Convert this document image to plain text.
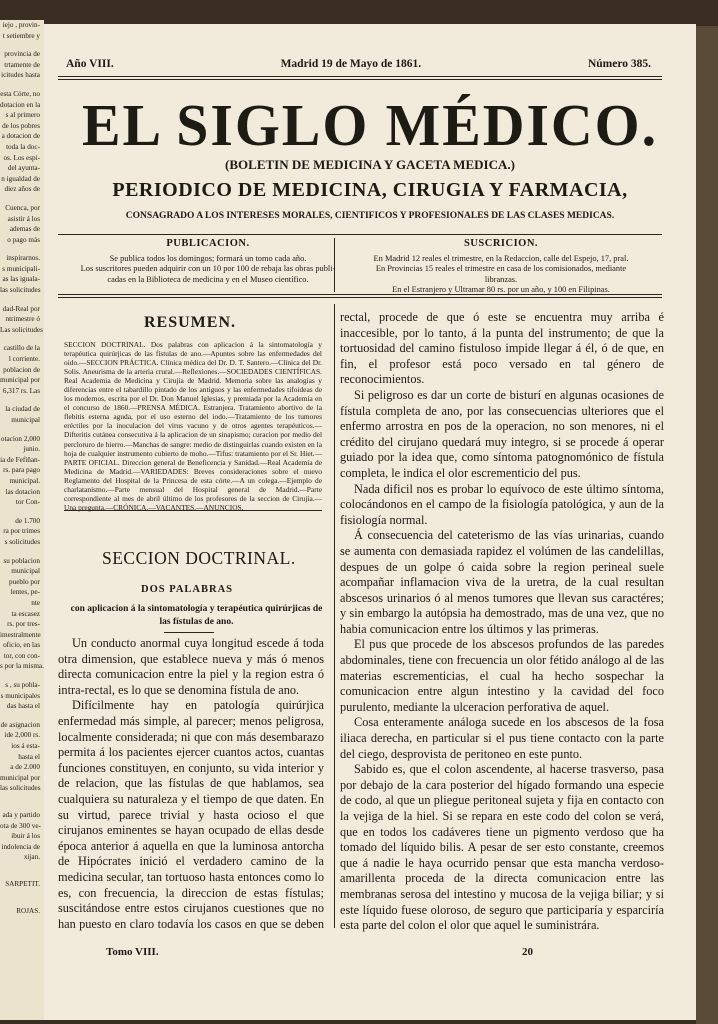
iejo , provin-
t setiembre y
provincia de
trtamente de
icitudes hasta
esta Córte, no
dotacion en la
s al primero
de los pobres
a dotacion de
toda la doc-
os. Los espi-
del ayunta-
n igualdad de
diez años de
Cuenca, por
asistir á los
ademas de
o pago más
inspirarnos.
s municipali-
as las iguala-
las solicitudes
dad-Real por
ntrimestre ó
Las solicitudes
castillo de la
l corriente.
poblacion de
municipal por
6,317 rs. Las
la ciudad de
municipal
otacion 2,000
junio.
ia de Fefiñan-
rs. para pago
municipal.
las dotacion
tor Con-
de 1.700
ra por trimes
s solicitudes
su poblacion
municipal
pueblo por
lentes, pe-
nte
ta escasez
rs. por tres-
imestralmente
oficio, en las
tor, con con-
s por la misma.
s , su pobla-
s municipales
das hasta el
de asignacion
ide 2,000 rs.
ios á esta-
hasta el
a de 2.000
municipal por
las solicitudes
ada y partido
ota de 300 ve-
ibuir á los
indolencia de
xijan.
SARPETIT.
ROJAS.
Año VIII.	Madrid 19 de Mayo de 1861.	Número 385.
EL SIGLO MÉDICO.
(BOLETIN DE MEDICINA Y GACETA MEDICA.)
PERIODICO DE MEDICINA, CIRUGIA Y FARMACIA,
CONSAGRADO A LOS INTERESES MORALES, CIENTIFICOS Y PROFESIONALES DE LAS CLASES MEDICAS.
PUBLICACION.
Se publica todos los domingos; formará un tomo cada año.
Los suscritores pueden adquirir con un 10 por 100 de rebaja las obras publi-
cadas en la Biblioteca de medicina y en el Museo científico.
SUSCRICION.
En Madrid 12 reales el trimestre, en la Redaccion, calle del Espejo, 17, pral.
En Provincias 15 reales el trimestre en casa de los comisionados, mediante
libranzas.
En el Estranjero y Ultramar 80 rs. por un año, y 100 en Filipinas.
RESUMEN.
SECCION DOCTRINAL. Dos palabras con aplicacion á la sintomatología y terapéutica quirúrjicas de las fístulas de ano.—Apuntes sobre las enfermedades del oido.—SECCION PRÁCTICA. Clínica médica del Dr. D. T. Santero.—Clínica del Dr. Solis. Aneurisma de la arteria crural.—Reflexiones.—SOCIEDADES CIENTÍFICAS. Real Academia de Medicina y Cirujía de Madrid. Memoria sobre las analogías y diferencias entre el tabardillo pintado de los antiguos y las enfermedades tifoideas de los modernos, escrita por el Dr. Don Manuel Iglesias, y premiada por la Academia en el concurso de 1860.—PRENSA MÉDICA. Estranjera. Tratamiento abortivo de la flebitis esterna aguda, por el uso esterno del iodo.—Tratamiento de los tumores eréctiles por la inoculacion del virus vacuno y de otros agentes terapéuticos.—Difteritis cutánea consecutiva á la aplicacion de un sinapismo; curacion por medio del percloruro de hierro.—Manchas de sangre: medio de distinguirlas cuando existen en la hoja de cualquier instrumento cubierto de moho.—Tifus: tratamiento por el Sr. Hiet.—PARTE OFICIAL. Direccion general de Beneficencia y Sanidad.—Real Academia de Medicina de Madrid.—VARIEDADES: Breves consideraciones sobre el nuevo Reglamento del Hospital de la Princesa de esta córte.—A un colega.—Ejemplo de charlatanismo.—Parte mensual del Hospital general de Madrid.—Parte correspondiente al mes de abril último de los profesores de la seccion de Cirujía.—Una pregunta.—CRÓNICA.—VACANTES.—ANUNCIOS.
SECCION DOCTRINAL.
DOS PALABRAS
con aplicacion á la sintomatología y terapéutica quirúrjicas de las fístulas de ano.

Un conducto anormal cuya longitud escede á toda otra dimension, que establece nueva y más ó menos directa comunicacion entre la piel y la region estra ó intra-rectal, es lo que se denomina fístula de ano.

Difícilmente hay en patología quirúrjica enfermedad más simple, al parecer; menos peligrosa, localmente considerada; ni que con más desembarazo permita á los pacientes ejercer cuantos actos, cuantas funciones constituyen, en conjunto, su vida interior y de relacion, que las fístulas de que hablamos, sea cualquiera su naturaleza y el tiempo de que daten. En su virtud, parece trivial y hasta ocioso el que cirujanos eminentes se hayan ocupado de ellas desde época anterior á aquella en que la luminosa antorcha de Hipócrates inició el verdadero camino de la medicina secular, tan tortuoso hasta entonces como lo es, con frecuencia, la direccion de estas fístulas; suscitándose entre estos cirujanos cuestiones que no han puesto en claro todavía los casos en que se deben

rectal, procede de que ó este se encuentra muy arriba é inaccesible, por lo tanto, á la punta del instrumento; de que la tortuosidad del camino fistuloso impide llegar á él, ó de que, en fin, el profesor está poco versado en tal género de reconocimientos.

Si peligroso es dar un corte de bisturí en algunas ocasiones de fístula completa de ano, por las consecuencias ulteriores que el enfermo arrostra en pos de la operacion, no son menores, ni el crédito del cirujano quedará muy integro, si se procede á operar guiado por la idea que, como síntoma patognomónico de fístula completa, le indica el olor escrementicio del pus.

Nada dificil nos es probar lo equívoco de este último síntoma, colocándonos en el campo de la fisiología patológica, y aun de la fisiología normal.

Á consecuencia del cateterismo de las vías urinarias, cuando se aumenta con demasiada rapidez el volúmen de las candelillas, despues de un golpe ó caida sobre la region perineal suele acompañar inflamacion viva de la uretra, de la cual resultan abscesos urinarios ó al menos tumores que llevan sus caractéres; y sin embargo la autópsia ha demostrado, mas de una vez, que no habia comunicacion entre los últimos y las primeras.

El pus que procede de los abscesos profundos de las paredes abdominales, tiene con frecuencia un olor fétido análogo al de las materias escrementicias, el cual ha hecho sospechar la comunicacion entre algun intestino y la cavidad del foco purulento, mediante la ulceracion perforativa de aquel.

Cosa enteramente análoga sucede en los abscesos de la fosa iliaca derecha, en particular si el pus tiene contacto con la parte del ciego, desprovista de peritoneo en este punto.

Sabido es, que el colon ascendente, al hacerse trasverso, pasa por debajo de la cara posterior del hígado formando una especie de codo, al que un pliegue peritoneal sujeta y fija en contacto con la vejiga de la hiel. Si se repara en este codo del colon se verá, que en todos los cadáveres tiene un pigmento verdoso que ha tomado del líquido bilis. A pesar de ser esto constante, creemos que á nadie le haya ocurrido pensar que esta mancha verdoso-amarillenta proceda de la directa comunicacion entre las membranas serosa del intestino y mucosa de la vejiga biliar; y si este líquido fuese oloroso, de seguro que participaría y esparciría esta parte del colon el olor que aquel le suministrára.

Tomo VIII.	20
